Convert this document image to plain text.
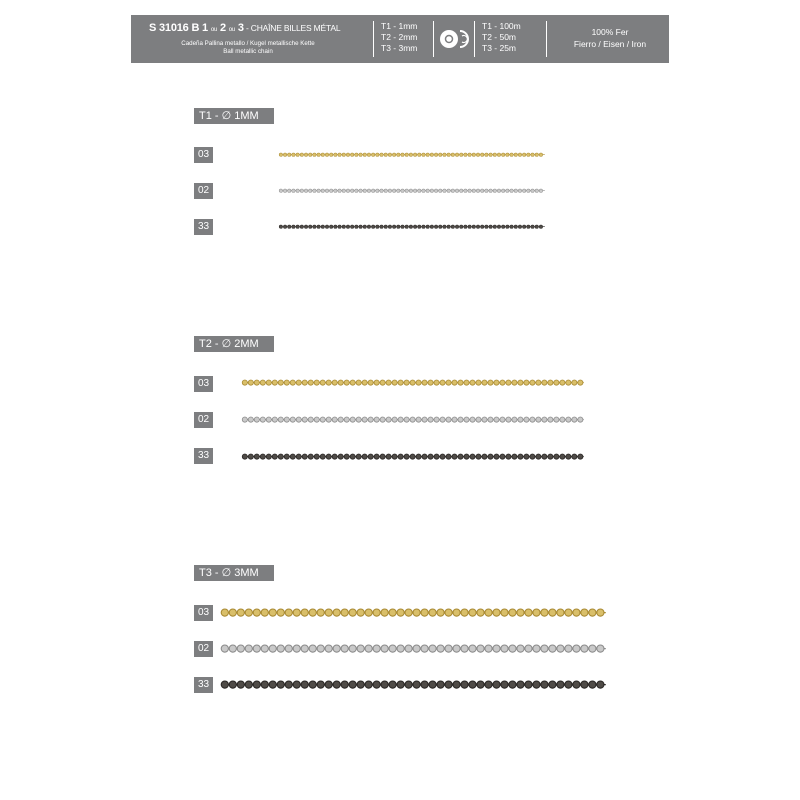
S 31016 B 1 ou 2 ou 3 - CHAÎNE BILLES MÉTAL
Cadeña Pallina metallo / Kugel metallische Kette
Ball metallic chain
T1 - 1mm
T2 - 2mm
T3 - 3mm
T1 - 100m
T2 - 50m
T3 - 25m
100% Fer
Fierro / Eisen / Iron
T1 - ∅ 1MM
03
02
33
T2 - ∅ 2MM
03
02
33
T3 - ∅ 3MM
03
02
33
